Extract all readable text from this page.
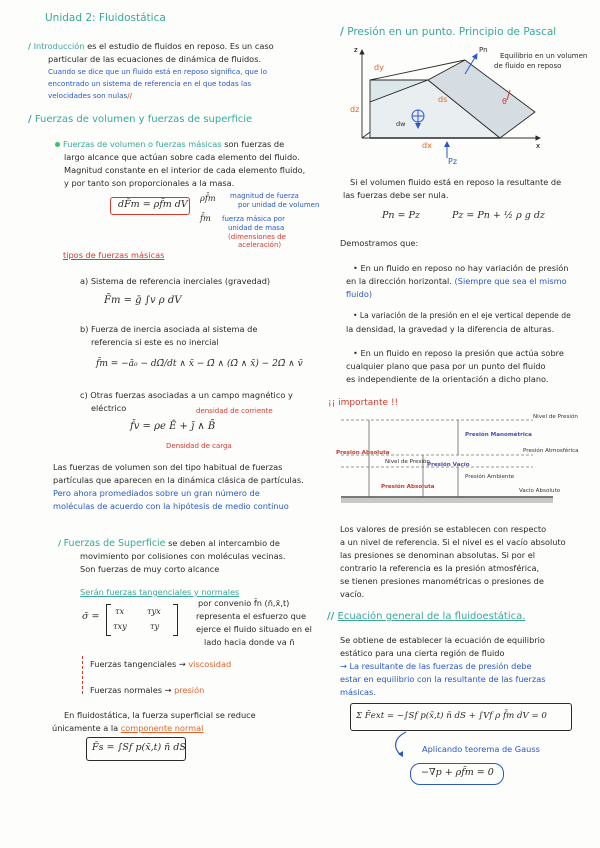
Unidad 2: Fluidostática
/ Introducción es el estudio de fluidos en reposo. Es un caso
particular de las ecuaciones de dinámica de fluidos.
Cuando se dice que un fluido está en reposo significa, que lo
encontrado un sistema de referencia en el que todas las
velocidades son nulas//
/ Fuerzas de volumen y fuerzas de superficie
Fuerzas de volumen o fuerzas másicas son fuerzas de
largo alcance que actúan sobre cada elemento del fluido.
Magnitud constante en el interior de cada elemento fluido,
y por tanto son proporcionales a la masa.
ρf̄m magnitud de fuerza
por unidad de volumen
dF̄m = ρf̄m dV
f̄m fuerza másica por
unidad de masa
(dimensiones de
aceleración)
tipos de fuerzas másicas
a) Sistema de referencia inerciales (gravedad)
F̄m = ḡ ∫v ρ dV
b) Fuerza de inercia asociada al sistema de
referencia si este es no inercial
f̄m = −ā₀ − dΩ̄/dt ∧ x̄ − Ω̄ ∧ (Ω̄ ∧ x̄) − 2Ω̄ ∧ v̄
c) Otras fuerzas asociadas a un campo magnético y
eléctrico	densidad de corriente
f̄v = ρe Ē + j̄ ∧ B̄
Densidad de carga
Las fuerzas de volumen son del tipo habitual de fuerzas
partículas que aparecen en la dinámica clásica de partículas.
Pero ahora promediados sobre un gran número de
moléculas de acuerdo con la hipótesis de medio continuo
/ Fuerzas de Superficie se deben al intercambio de
movimiento por colisiones con moléculas vecinas.
Son fuerzas de muy corto alcance
Serán fuerzas tangenciales y normales
σ̄ = τx	τyx
τxy	τy
por convenio f̄n (n̄,x̄,t)
representa el esfuerzo que
ejerce el fluido situado en el
lado hacia donde va n̄
Fuerzas tangenciales ⇝ viscosidad
Fuerzas normales ⇝ presión
En fluidostática, la fuerza superficial se reduce
únicamente a la componente normal
F̄s = ∫Sf p(x̄,t) n̄ dS
/ Presión en un punto. Principio de Pascal
z
x
Pn
dy
dz
ds
dw
dx
Pz
θ
Equilibrio en un volumen
de fluido en reposo
Si el volumen fluido está en reposo la resultante de
las fuerzas debe ser nula.
Pn = Pz	Pz = Pn + ½ ρ g dz
Demostramos que:
• En un fluido en reposo no hay variación de presión
en la dirección horizontal. (Siempre que sea el mismo
fluido)
• La variación de la presión en el eje vertical depende de
la densidad, la gravedad y la diferencia de alturas.
• En un fluido en reposo la presión que actúa sobre
cualquier plano que pasa por un punto del fluido
es independiente de la orientación a dicho plano.
¡¡ importante !!
Presión Absoluta
Nivel de Presión
Presión Vacío
Presión Manométrica
Presión Atmosférica
Nivel de Presión
Presión Ambiente
Presión Absoluta
Vacío Absoluto
Los valores de presión se establecen con respecto
a un nivel de referencia. Si el nivel es el vacío absoluto
las presiones se denominan absolutas. Si por el
contrario la referencia es la presión atmosférica,
se tienen presiones manométricas o presiones de
vacío.
// Ecuación general de la fluidoestática.
Se obtiene de establecer la ecuación de equilibrio
estático para una cierta región de fluido
→ La resultante de las fuerzas de presión debe
estar en equilibrio con la resultante de las fuerzas
másicas.
Σ F̄ext = −∫Sf p(x̄,t) n̄ dS + ∫Vf ρ f̄m dV = 0
Aplicando teorema de Gauss
−∇p + ρf̄m = 0
